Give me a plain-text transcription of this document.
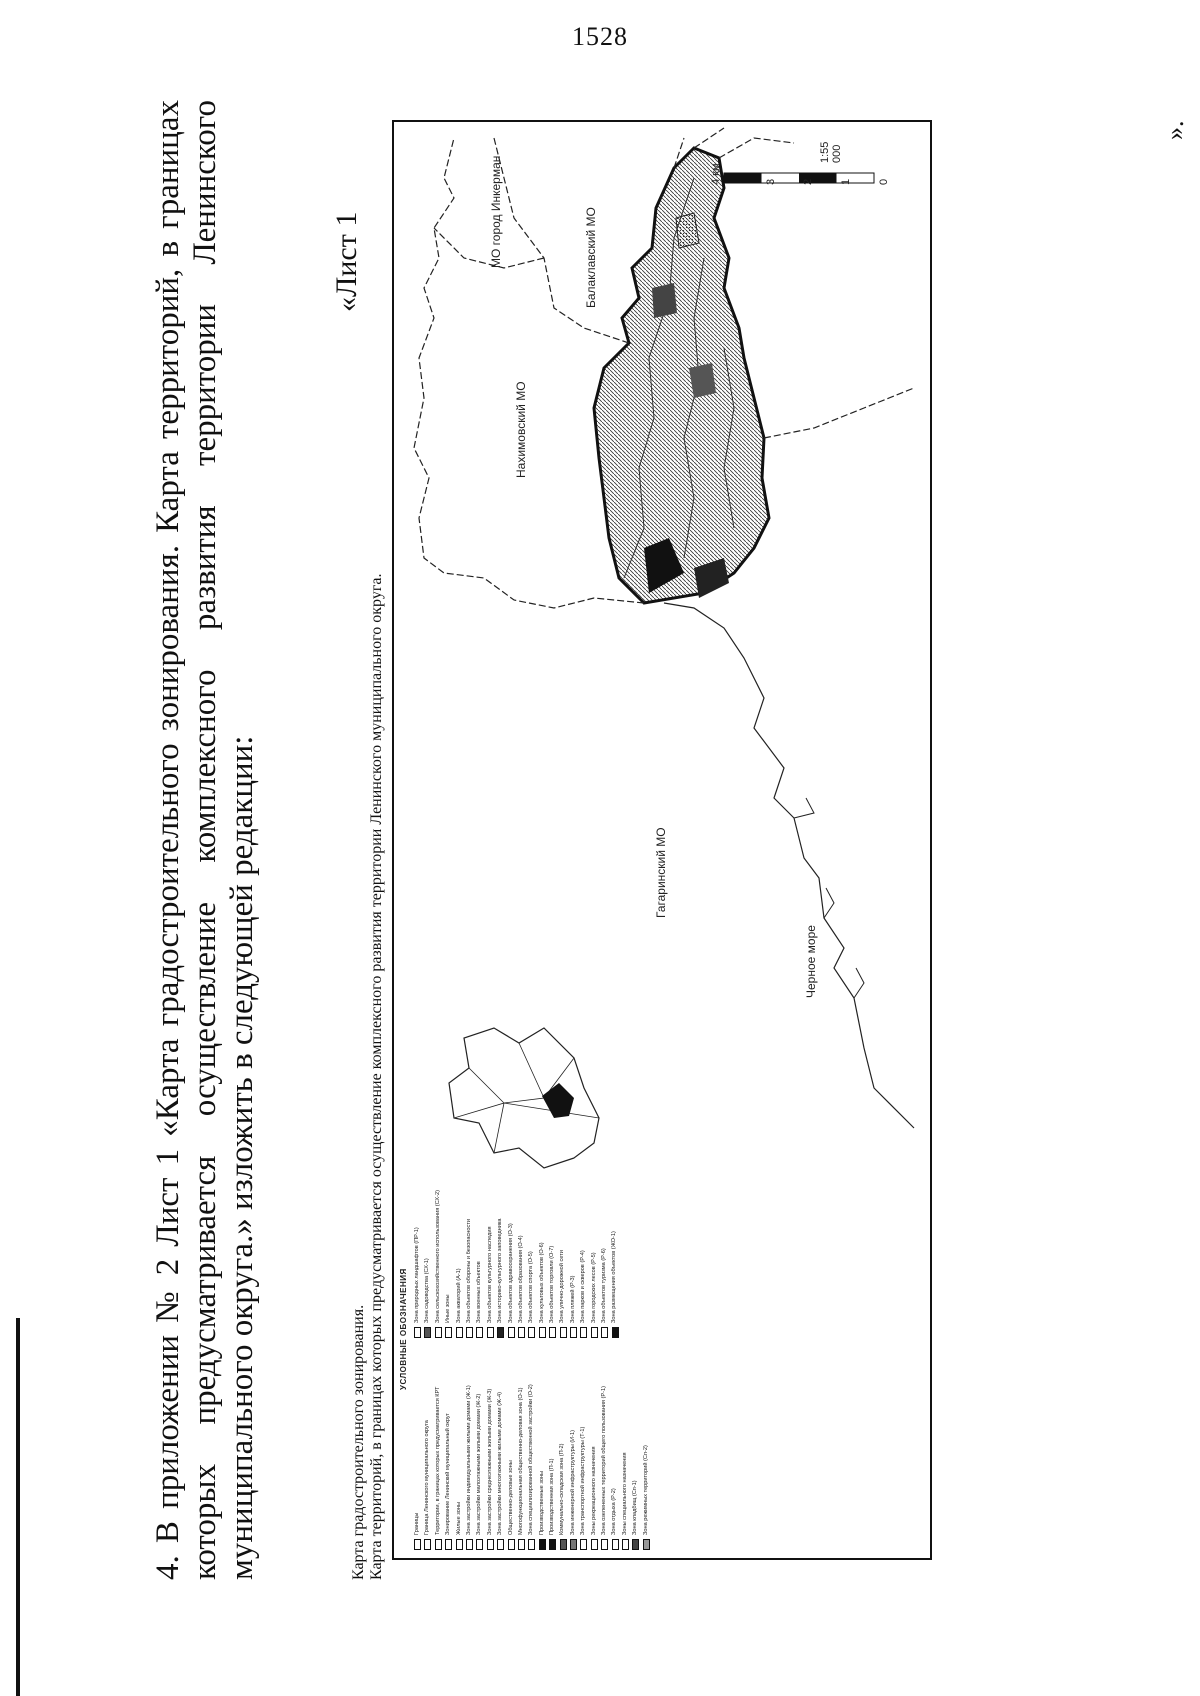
1528
4. В приложении № 2 Лист 1 «Карта градостроительного зонирования. Карта территорий, в границах которых предусматривается осуществление комплексного развития территории Ленинского муниципального округа.» изложить в следующей редакции:
«Лист 1
».
Карта градостроительного зонирования. Карта территорий, в границах которых предусматривается осуществление комплексного развития территории Ленинского муниципального округа. УСЛОВНЫЕ ОБОЗНАЧЕНИЯ
Границы Граница Ленинского муниципального округа Территории, в границах которых предусматривается КРТ Зонирование Ленинский муниципальный округ Жилые зоны Зона застройки индивидуальными жилыми домами (Ж-1) Зона застройки малоэтажными жилыми домами (Ж-2) Зона застройки среднеэтажными жилыми домами (Ж-3) Зона застройки многоэтажными жилыми домами (Ж-4) Общественно-деловые зоны Многофункциональная общественно-деловая зона (О-1) Зона специализированной общественной застройки (О-2) Производственные зоны Производственная зона (П-1) Коммунально-складская зона (П-2) Зона инженерной инфраструктуры (И-1) Зона транспортной инфраструктуры (Т-1) Зоны рекреационного назначения Зона озелененных территорий общего пользования (Р-1) Зона отдыха (Р-2) Зоны специального назначения Зона кладбищ (Сп-1) Зона режимных территорий (Сп-2)
Зона природных ландшафтов (ПР-1) Зона садоводства (СХ-1) Зона сельскохозяйственного использования (СХ-2) Иные зоны Зона акваторий (А-1) Зона объектов обороны и безопасности Зона военных объектов Зона объектов культурного наследия Зона историко-культурного заповедника Зона объектов здравоохранения (О-3) Зона объектов образования (О-4) Зона объектов спорта (О-5) Зона культовых объектов (О-6) Зона объектов торговли (О-7) Зона улично-дорожной сети Зона пляжей (Р-3) Зона парков и скверов (Р-4) Зона городских лесов (Р-5) Зона объектов туризма (Р-6) Зона размещения объектов (ЖО-1)
Черное море
Гагаринский МО
Нахимовский МО
МО город Инкерман	Балаклавский МО
1:55 000
0
1
2
3
4 км
